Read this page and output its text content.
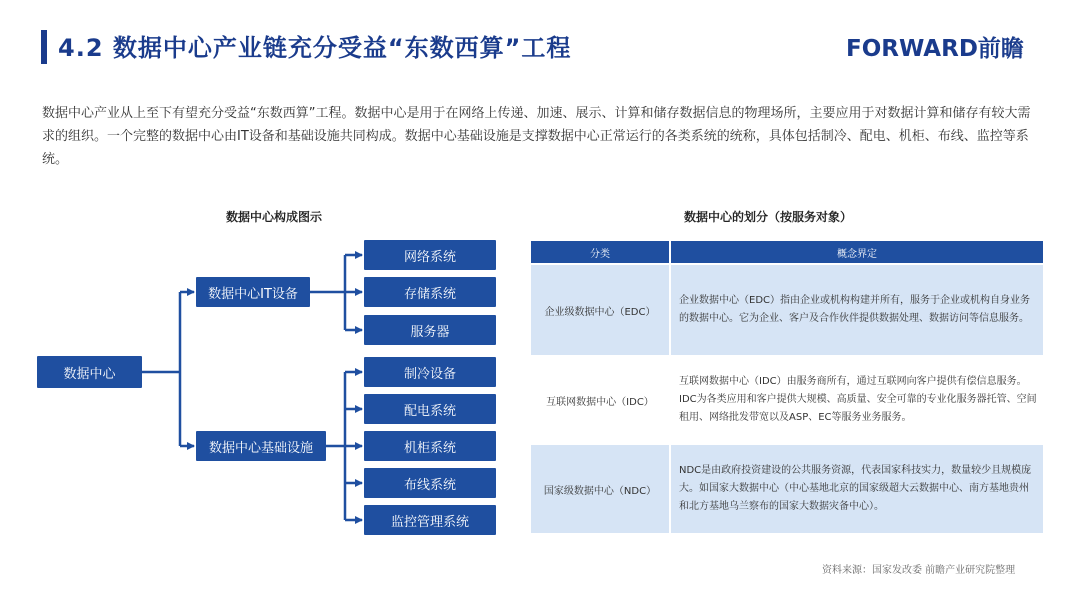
4.2 数据中心产业链充分受益“东数西算”工程	FORWARD前瞻
数据中心产业从上至下有望充分受益“东数西算”工程。数据中心是用于在网络上传递、加速、展示、计算和储存数据信息的物理场所，主要应用于对数据计算和储存有较大需求的组织。一个完整的数据中心由IT设备和基础设施共同构成。数据中心基础设施是支撑数据中心正常运行的各类系统的统称，具体包括制冷、配电、机柜、布线、监控等系统。
数据中心构成图示
数据中心
数据中心IT设备
数据中心基础设施
网络系统
存储系统
服务器
制冷设备
配电系统
机柜系统
布线系统
监控管理系统
数据中心的划分（按服务对象）
分类	概念界定
企业级数据中心（EDC）
企业数据中心（EDC）指由企业或机构构建并所有，服务于企业或机构自身业务的数据中心。它为企业、客户及合作伙伴提供数据处理、数据访问等信息服务。
互联网数据中心（IDC）
互联网数据中心（IDC）由服务商所有，通过互联网向客户提供有偿信息服务。IDC为各类应用和客户提供大规模、高质量、安全可靠的专业化服务器托管、空间租用、网络批发带宽以及ASP、EC等服务业务服务。
国家级数据中心（NDC）
NDC是由政府投资建设的公共服务资源，代表国家科技实力，数量较少且规模庞大。如国家大数据中心（中心基地北京的国家级超大云数据中心、南方基地贵州和北方基地乌兰察布的国家大数据灾备中心）。
资料来源：国家发改委 前瞻产业研究院整理
